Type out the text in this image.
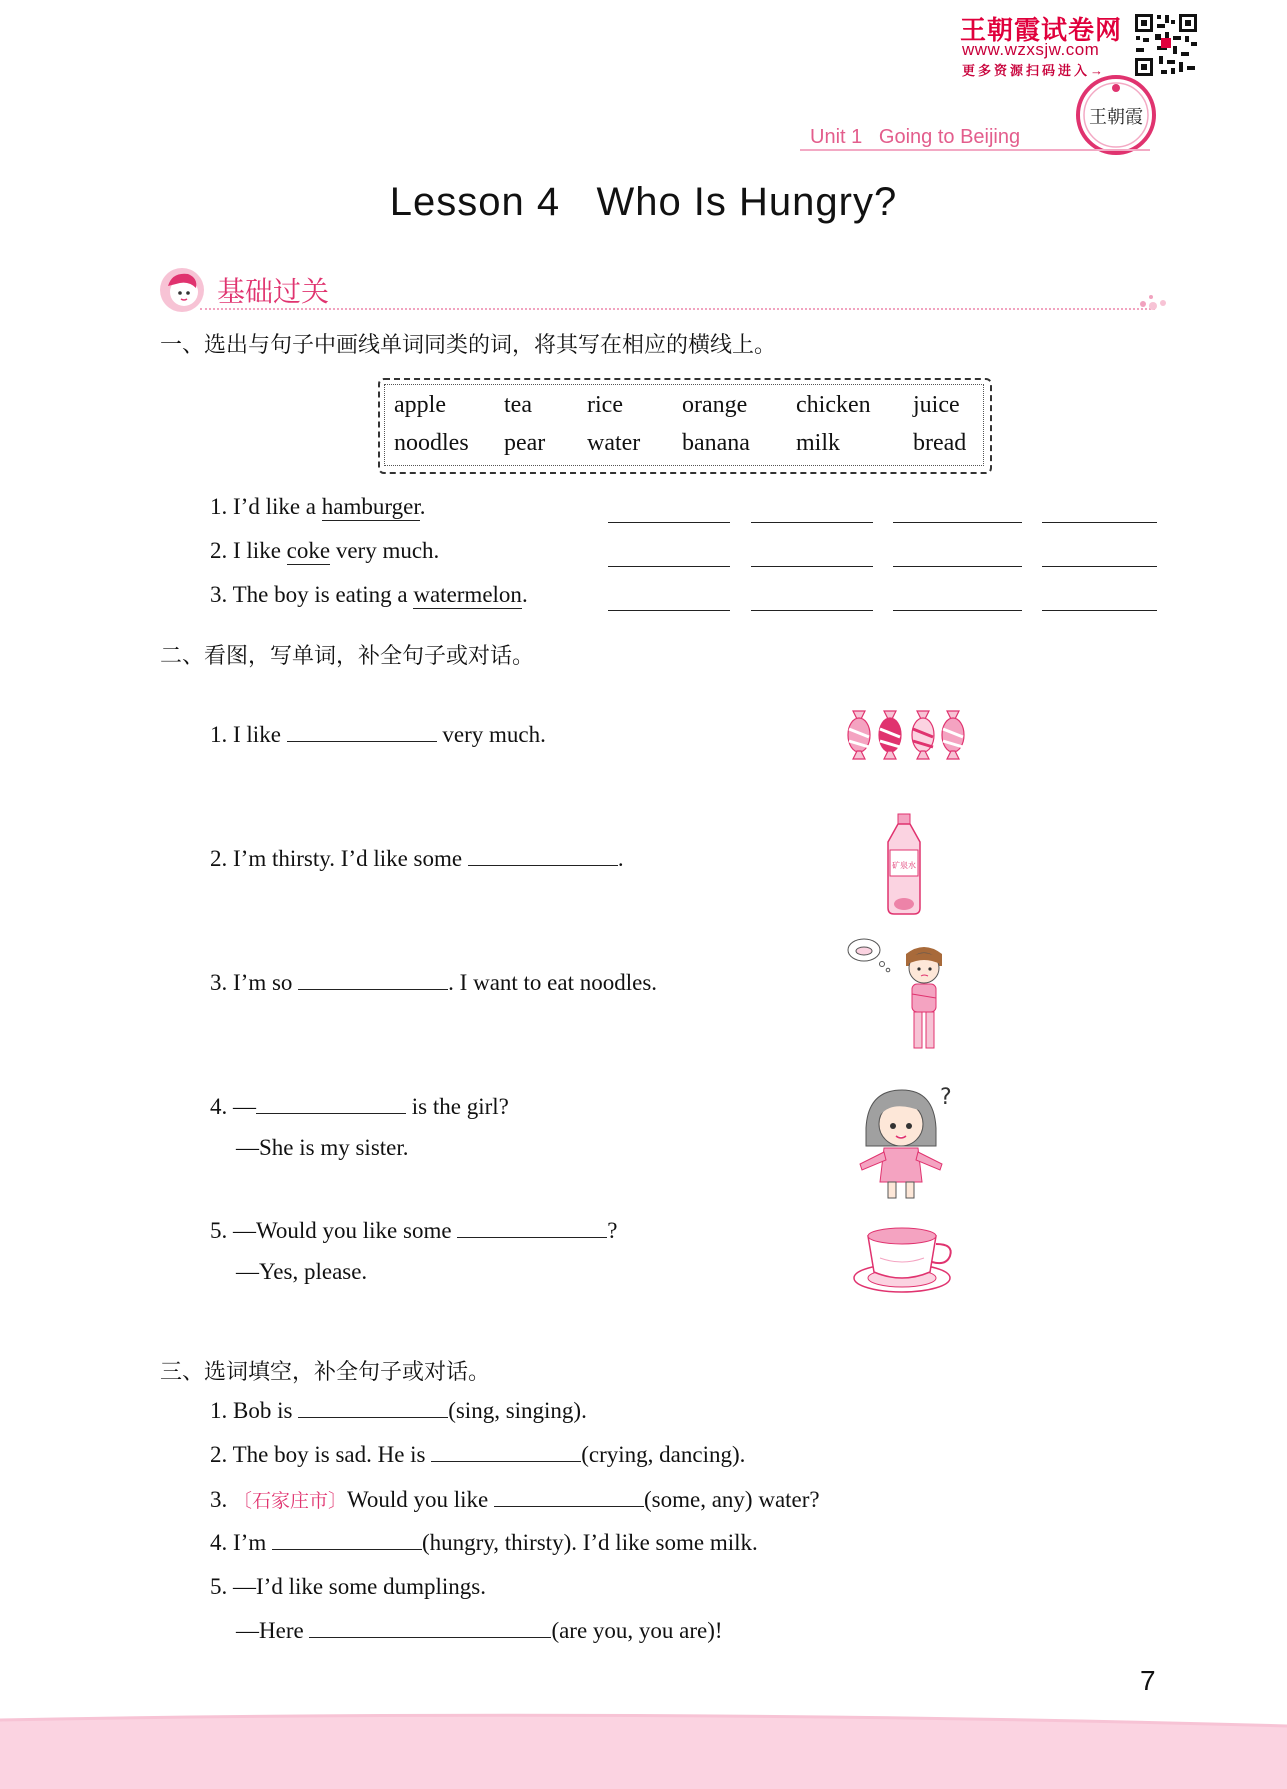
王朝霞试卷网
www.wzxsjw.com
更多资源扫码进入→
王朝霞
Unit 1   Going to Beijing
Lesson 4   Who Is Hungry?
基础过关
一、选出与句子中画线单词同类的词，将其写在相应的横线上。
apple tea rice orange chicken juice
noodles pear water banana milk	bread
1. I’d like a hamburger.
2. I like coke very much.
3. The boy is eating a watermelon.
二、看图，写单词，补全句子或对话。
1. I like	very much.
2. I’m thirsty. I’d like some	.
3. I’m so	. I want to eat noodles.
4. —	is the girl?
—She is my sister.
5. —Would you like some	?
—Yes, please.
矿泉水
?
三、选词填空，补全句子或对话。
1. Bob is	(sing, singing).
2. The boy is sad. He is	(crying, dancing).
3. 〔石家庄市〕Would you like	(some, any) water?
4. I’m	(hungry, thirsty). I’d like some milk.
5. —I’d like some dumplings.
—Here	(are you, you are)!
7
